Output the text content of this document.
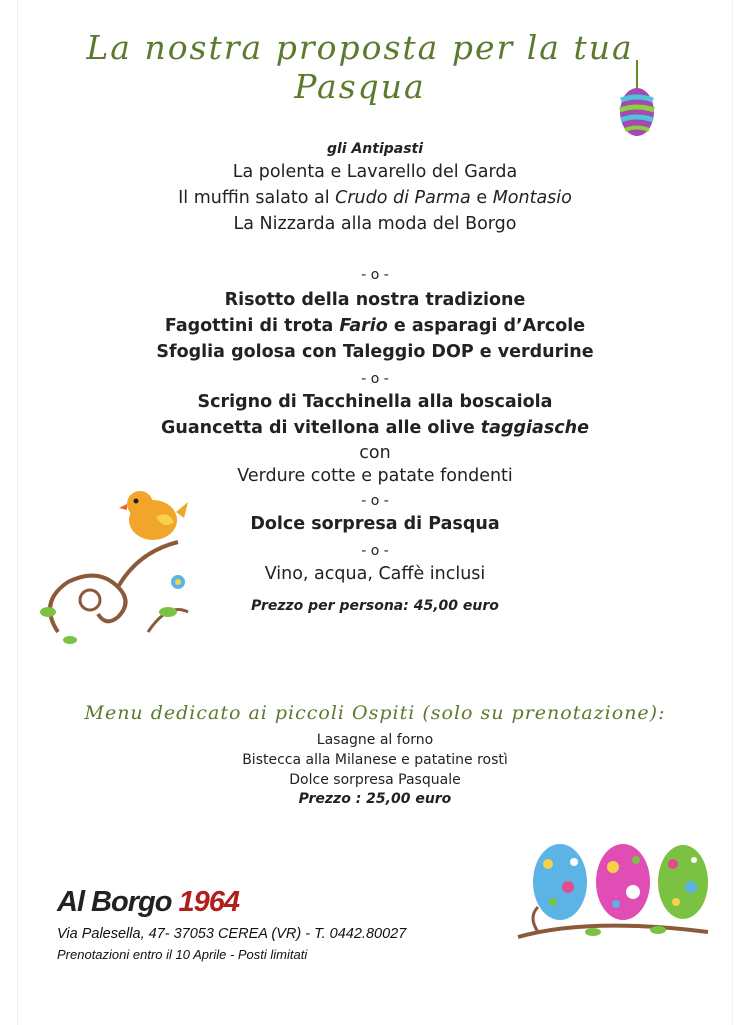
La nostra proposta per la tua Pasqua
gli Antipasti
La polenta e Lavarello del Garda
Il muffin salato al Crudo di Parma e Montasio
La Nizzarda alla moda del Borgo
- o -
Risotto della nostra tradizione
Fagottini di trota Fario e asparagi d’Arcole
Sfoglia golosa con Taleggio DOP e verdurine
- o -
Scrigno di Tacchinella alla boscaiola
Guancetta di vitellona alle olive taggiasche
con
Verdure cotte e patate fondenti
- o -
Dolce sorpresa di Pasqua
- o -
Vino, acqua, Caffè inclusi
Prezzo per persona: 45,00 euro
Menu dedicato ai piccoli Ospiti (solo su prenotazione):
Lasagne al forno
Bistecca alla Milanese e patatine rostì
Dolce sorpresa Pasquale
Prezzo : 25,00 euro
Al Borgo 1964
Via Palesella, 47- 37053 CEREA (VR) - T. 0442.80027
Prenotazioni entro il 10 Aprile - Posti limitati
